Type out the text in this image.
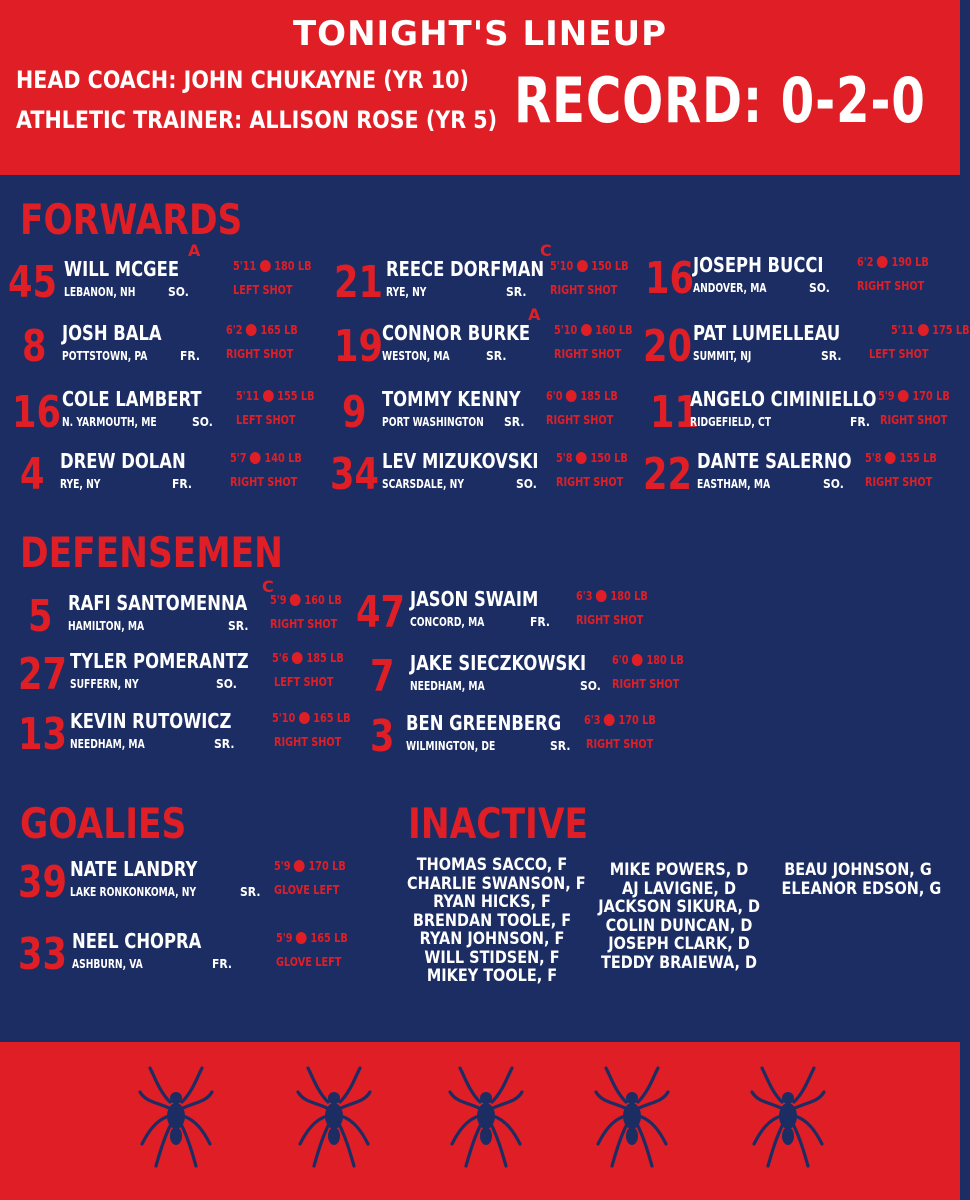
TONIGHT'S LINEUP
HEAD COACH: JOHN CHUKAYNE (YR 10)
ATHLETIC TRAINER: ALLISON ROSE (YR 5) RECORD: 0-2-0
FORWARDS
DEFENSEMEN
GOALIES	INACTIVE
45 WILL MCGEE
LEBANON, NH	SO.
5'11 180 LB
LEFT SHOT
A
21 REECE DORFMAN
RYE, NY	SR.
5'10 150 LB
RIGHT SHOT
C
16 JOSEPH BUCCI
ANDOVER, MA	SO.
6'2 190 LB
RIGHT SHOT
8 JOSH BALA
POTTSTOWN, PA	FR.
6'2 165 LB
RIGHT SHOT 19 CONNOR BURKE
WESTON, MA	SR.
5'10 160 LB
RIGHT SHOT
A
20 PAT LUMELLEAU
SUMMIT, NJ	SR.
5'11 175 LB
LEFT SHOT
16 COLE LAMBERT
N. YARMOUTH, ME	SO.
5'11 155 LB
LEFT SHOT 9 TOMMY KENNY
PORT WASHINGTON SR.
6'0 185 LB
RIGHT SHOT 11
ANGELO CIMINIELLO
RIDGEFIELD, CT	FR.
5'9 170 LB
RIGHT SHOT
4 DREW DOLAN
RYE, NY	FR.
5'7 140 LB
RIGHT SHOT 34 LEV MIZUKOVSKI
SCARSDALE, NY	SO.
5'8 150 LB
RIGHT SHOT 22 DANTE SALERNO
EASTHAM, MA	SO.
5'8 155 LB
RIGHT SHOT
5 RAFI SANTOMENNA
HAMILTON, MA	SR.
5'9 160 LB
RIGHT SHOT
C
47 JASON SWAIM
CONCORD, MA	FR.
6'3 180 LB
RIGHT SHOT
27 TYLER POMERANTZ
SUFFERN, NY	SO.
5'6 185 LB
LEFT SHOT 7 JAKE SIECZKOWSKI
NEEDHAM, MA	SO.
6'0 180 LB
RIGHT SHOT
13 KEVIN RUTOWICZ
NEEDHAM, MA	SR.
5'10 165 LB
RIGHT SHOT 3 BEN GREENBERG
WILMINGTON, DE	SR.
6'3 170 LB
RIGHT SHOT
39 NATE LANDRY
LAKE RONKONKOMA, NY	SR.
5'9 170 LB
GLOVE LEFT
33 NEEL CHOPRA
ASHBURN, VA	FR.
5'9 165 LB
GLOVE LEFT
THOMAS SACCO, F
CHARLIE SWANSON, F
RYAN HICKS, F
BRENDAN TOOLE, F
RYAN JOHNSON, F
WILL STIDSEN, F
MIKEY TOOLE, F
MIKE POWERS, D
AJ LAVIGNE, D
JACKSON SIKURA, D
COLIN DUNCAN, D
JOSEPH CLARK, D
TEDDY BRAIEWA, D
BEAU JOHNSON, G
ELEANOR EDSON, G
